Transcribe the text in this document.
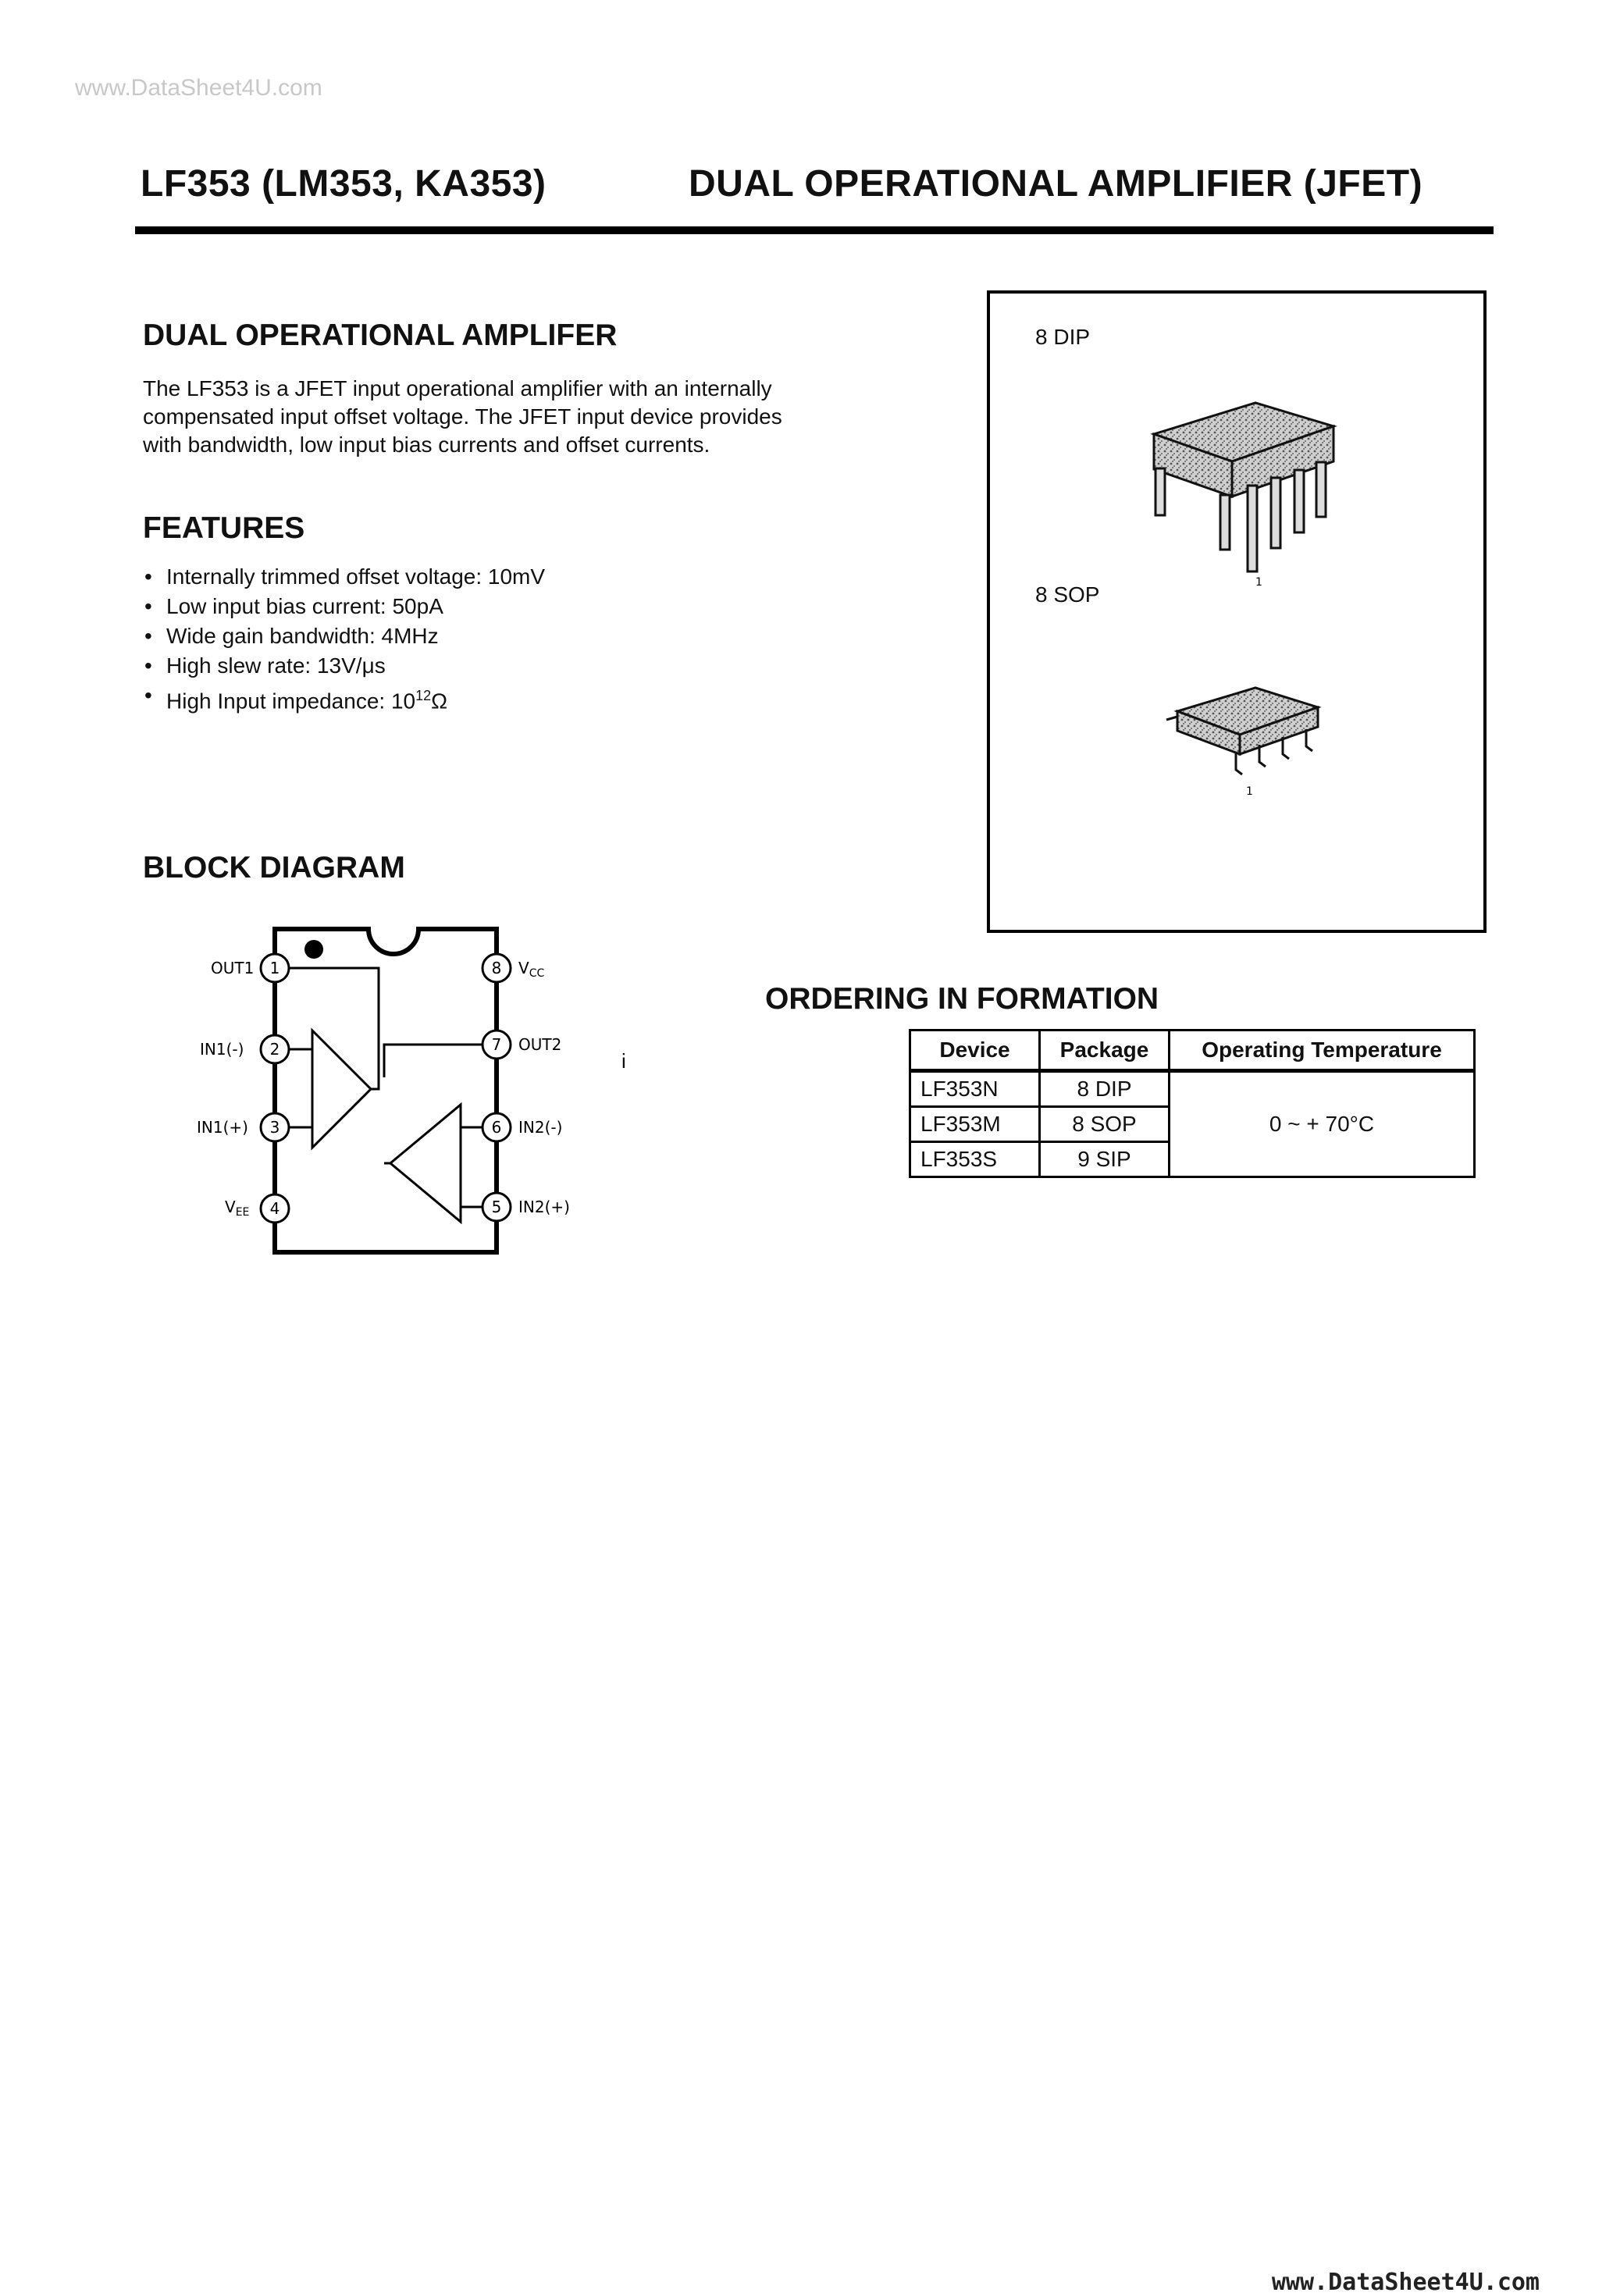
www.DataSheet4U.com
www.DataSheet4U.com
LF353 (LM353, KA353)	DUAL OPERATIONAL AMPLIFIER (JFET)
DUAL OPERATIONAL AMPLIFER
The LF353 is a JFET input operational amplifier with an internally
compensated input offset voltage. The JFET input device provides
with bandwidth, low input bias currents and offset currents.
FEATURES
• Internally trimmed offset voltage: 10mV
• Low input bias current: 50pA
• Wide gain bandwidth: 4MHz
• High slew rate: 13V/μs
• High Input impedance: $10^{12}\Omega$
8 DIP
8 SOP	1
1
BLOCK DIAGRAM
1
2
3
4
8
7
6
5
OUT1
IN1(-)
IN1(+)
$V_{EE}$
$V_{CC}$
OUT2
IN2(-)
IN2(+)
i
ORDERING IN FORMATION
Device	Package	Operating Temperature
LF353N	8 DIP	0 ~ + 70°C
LF353M	8 SOP	
LF353S	9 SIP	
